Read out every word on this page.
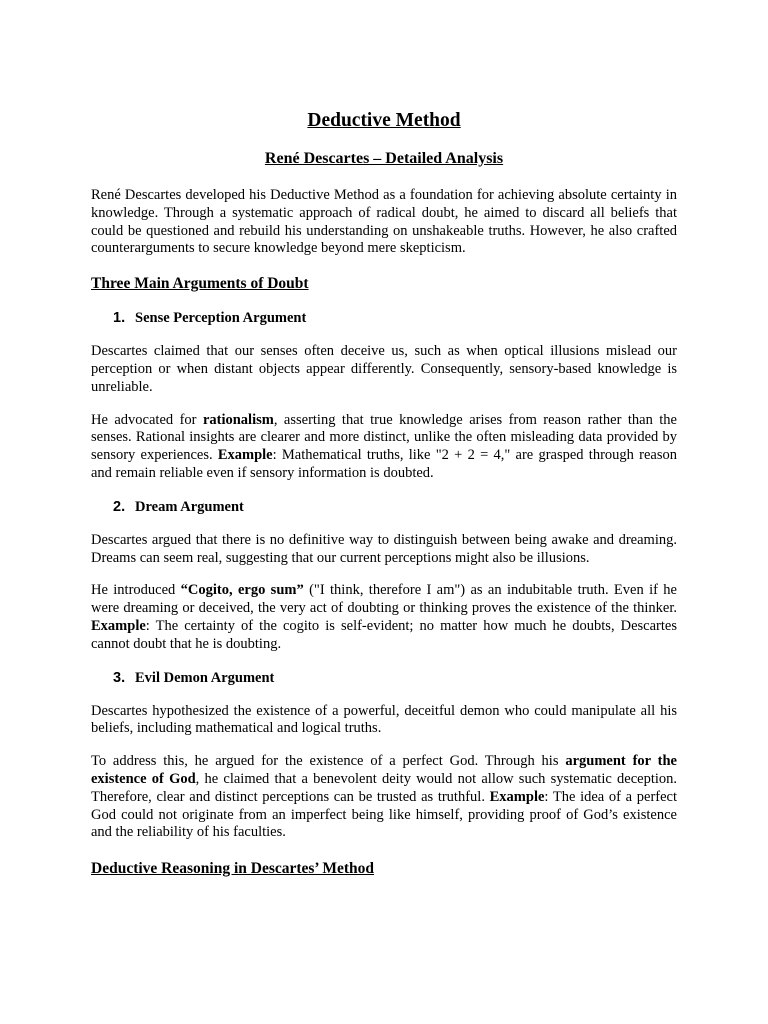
Deductive Method
René Descartes – Detailed Analysis

René Descartes developed his Deductive Method as a foundation for achieving absolute certainty in knowledge. Through a systematic approach of radical doubt, he aimed to discard all beliefs that could be questioned and rebuild his understanding on unshakeable truths. However, he also crafted counterarguments to secure knowledge beyond mere skepticism.

Three Main Arguments of Doubt
1. Sense Perception Argument

Descartes claimed that our senses often deceive us, such as when optical illusions mislead our perception or when distant objects appear differently. Consequently, sensory-based knowledge is unreliable.

He advocated for rationalism, asserting that true knowledge arises from reason rather than the senses. Rational insights are clearer and more distinct, unlike the often misleading data provided by sensory experiences. Example: Mathematical truths, like "2 + 2 = 4," are grasped through reason and remain reliable even if sensory information is doubted.

2. Dream Argument

Descartes argued that there is no definitive way to distinguish between being awake and dreaming. Dreams can seem real, suggesting that our current perceptions might also be illusions.

He introduced “Cogito, ergo sum” ("I think, therefore I am") as an indubitable truth. Even if he were dreaming or deceived, the very act of doubting or thinking proves the existence of the thinker. Example: The certainty of the cogito is self-evident; no matter how much he doubts, Descartes cannot doubt that he is doubting.

3. Evil Demon Argument

Descartes hypothesized the existence of a powerful, deceitful demon who could manipulate all his beliefs, including mathematical and logical truths.

To address this, he argued for the existence of a perfect God. Through his argument for the existence of God, he claimed that a benevolent deity would not allow such systematic deception. Therefore, clear and distinct perceptions can be trusted as truthful. Example: The idea of a perfect God could not originate from an imperfect being like himself, providing proof of God’s existence and the reliability of his faculties.

Deductive Reasoning in Descartes’ Method
